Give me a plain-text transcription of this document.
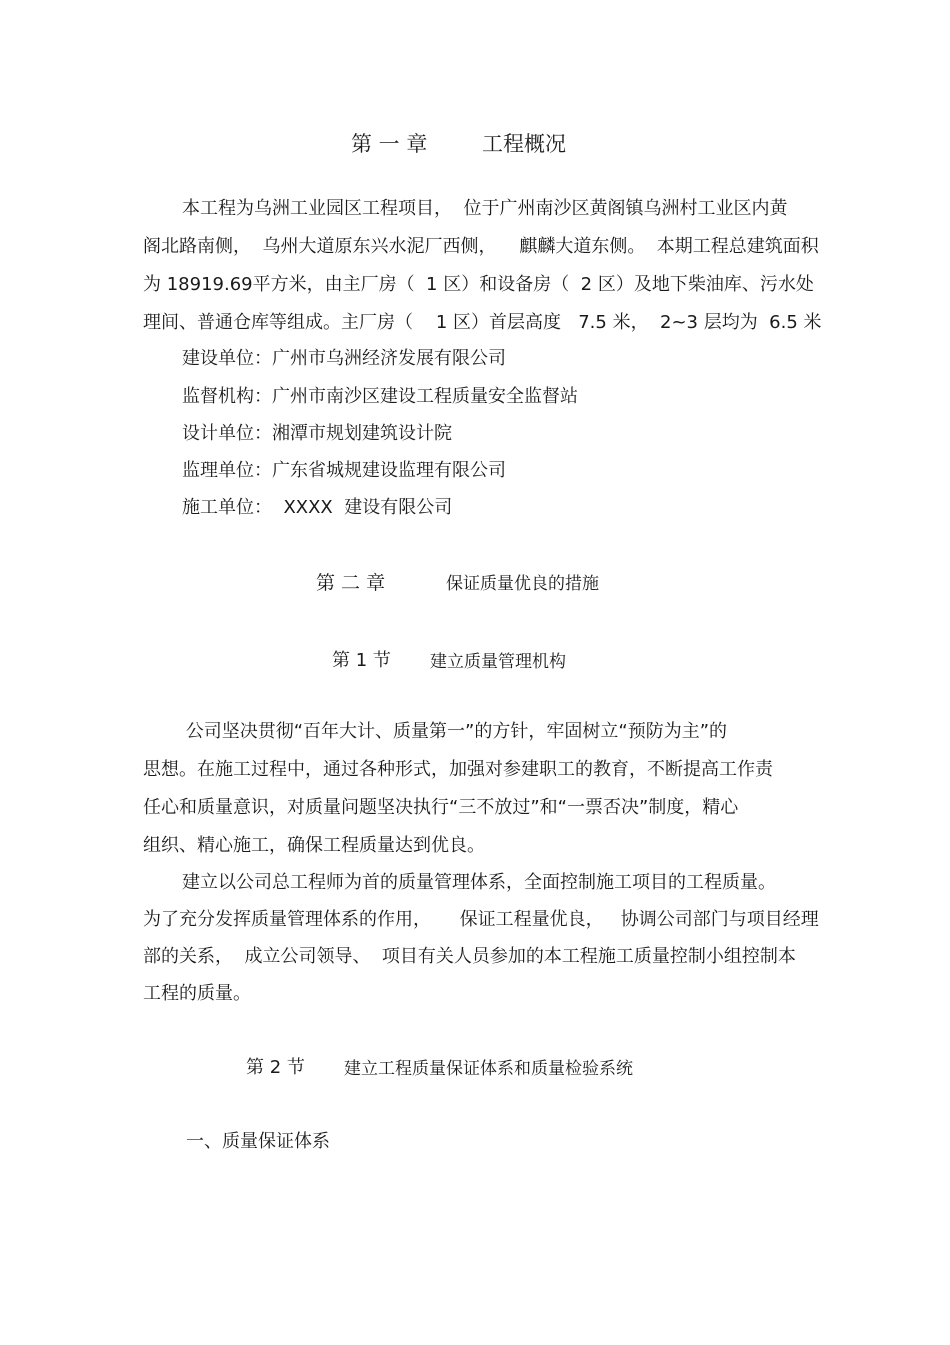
第 一 章	工程概况
本工程为乌洲工业园区工程项目，  位于广州南沙区黄阁镇乌洲村工业区内黄
阁北路南侧，  乌州大道原东兴水泥厂西侧，    麒麟大道东侧。  本期工程总建筑面积
为 18919.69平方米，由主厂房（  1 区）和设备房（  2 区）及地下柴油库、污水处
理间、普通仓库等组成。主厂房（    1 区）首层高度   7.5 米，  2~3 层均为  6.5 米
建设单位：广州市乌洲经济发展有限公司
监督机构：广州市南沙区建设工程质量安全监督站
设计单位：湘潭市规划建筑设计院
监理单位：广东省城规建设监理有限公司
施工单位：  XXXX  建设有限公司
第 二 章	保证质量优良的措施
第 1 节 建立质量管理机构
公司坚决贯彻“百年大计、质量第一”的方针，牢固树立“预防为主”的
思想。在施工过程中，通过各种形式，加强对参建职工的教育，不断提高工作责
任心和质量意识，对质量问题坚决执行“三不放过”和“一票否决”制度，精心
组织、精心施工，确保工程质量达到优良。
建立以公司总工程师为首的质量管理体系，全面控制施工项目的工程质量。
为了充分发挥质量管理体系的作用，     保证工程量优良，   协调公司部门与项目经理
部的关系，  成立公司领导、  项目有关人员参加的本工程施工质量控制小组控制本
工程的质量。
第 2 节 建立工程质量保证体系和质量检验系统
一、质量保证体系
